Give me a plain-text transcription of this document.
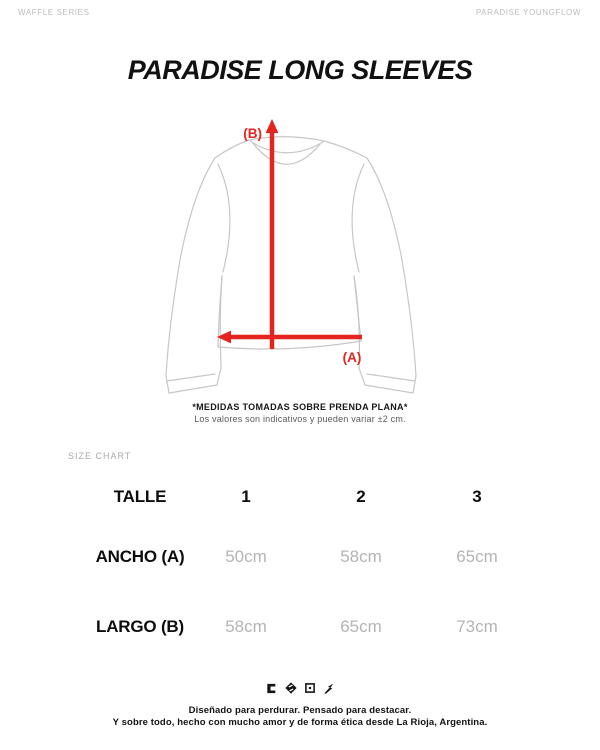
WAFFLE SERIES	PARADISE YOUNGFLOW
PARADISE LONG SLEEVES
(B)
(A)
*MEDIDAS TOMADAS SOBRE PRENDA PLANA*
Los valores son indicativos y pueden variar ±2 cm.
SIZE CHART
TALLE	1	2	3
ANCHO (A)	50cm	58cm	65cm
LARGO (B)	58cm	65cm	73cm
Diseñado para perdurar. Pensado para destacar.
Y sobre todo, hecho con mucho amor y de forma ética desde La Rioja, Argentina.
